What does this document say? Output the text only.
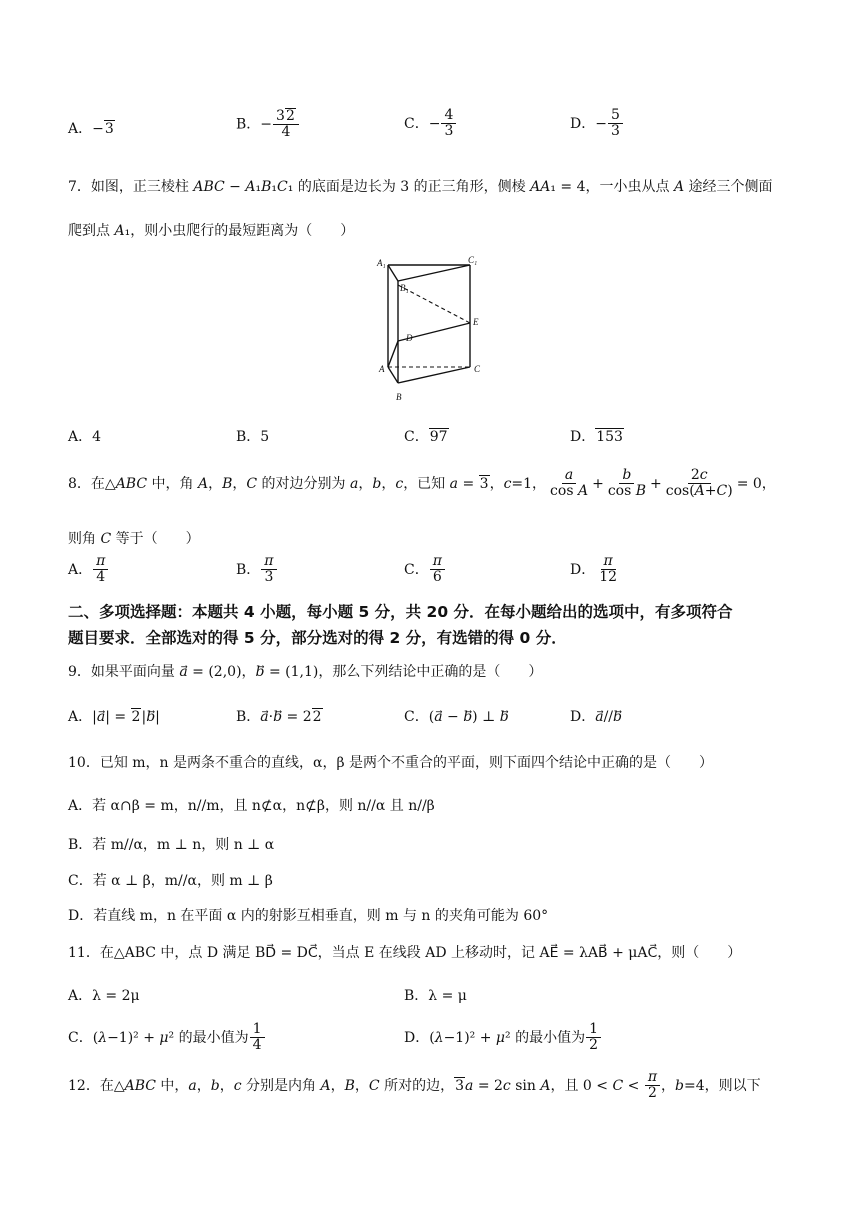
A．−3	B．− $\frac{32}{4}$	C．− $\frac{4}{3}$	D．− $\frac{5}{3}$
7．如图，正三棱柱 ABC − A₁B₁C₁ 的底面是边长为 3 的正三角形，侧棱 AA₁ = 4，一小虫从点 A 途经三个侧面
爬到点 A₁，则小虫爬行的最短距离为（　　）
A₁	C₁
B₁
E
D
A	C
B
A．4	B．5	C．97	D．153
8．在△ABC 中，角 A，B，C 的对边分别为 a，b，c，已知 a = 3，c=1， $\frac{a}{\text{cos A}} + \frac{b}{\text{cos B}} + \frac{2c}{\cos(A+C)} = 0$，
则角 C 等于（　　）
A． $\frac{\pi}{4}$	B． $\frac{\pi}{3}$	C． $\frac{\pi}{6}$	D． $\frac{\pi}{12}$
二、多项选择题：本题共 4 小题，每小题 5 分，共 20 分．在每小题给出的选项中，有多项符合
题目要求．全部选对的得 5 分，部分选对的得 2 分，有选错的得 0 分．
9．如果平面向量 a⃗ = (2,0)，b⃗ = (1,1)，那么下列结论中正确的是（　　）
A．|a⃗| = 2|b⃗|	B．a⃗·b⃗ = 22	C．(a⃗ − b⃗) ⊥ b	D．a⃗//b
10．已知 m，n 是两条不重合的直线，α，β 是两个不重合的平面，则下面四个结论中正确的是（　　）
A．若 α∩β = m，n//m，且 n⊄α，n⊄β，则 n//α 且 n//β
B．若 m//α，m ⊥ n，则 n ⊥ α
C．若 α ⊥ β，m//α，则 m ⊥ β
D．若直线 m，n 在平面 α 内的射影互相垂直，则 m 与 n 的夹角可能为 60°
11．在△ABC 中，点 D 满足 BD⃗ = DC⃗，当点 E 在线段 AD 上移动时，记 AE⃗ = λAB⃗ + μAC⃗，则（　　）
A．λ = 2μ	B．λ = μ
C．(λ−1)² + μ² 的最小值为 $\frac{1}{4}$	D．(λ−1)² + μ² 的最小值为 $\frac{1}{2}$
12．在△ABC 中，a，b，c 分别是内角 A，B，C 所对的边，3a = 2c sin A，且 $0 < C < \frac{\pi}{2}$ ，b=4，则以下
